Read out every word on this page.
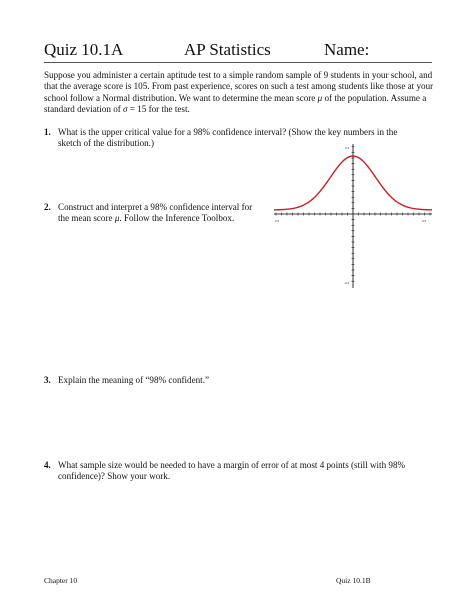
Quiz 10.1A	AP Statistics	Name:

Suppose you administer a certain aptitude test to a simple random sample of 9 students in your school, and that the average score is 105. From past experience, scores on such a test among students like those at your school follow a Normal distribution. We want to determine the mean score μ of the population. Assume a standard deviation of σ = 15 for the test.
1. What is the upper critical value for a 98% confidence interval? (Show the key numbers in the
sketch of the distribution.)
2. Construct and interpret a 98% confidence interval for
the mean score μ. Follow the Inference Toolbox.
3. Explain the meaning of “98% confident.”
4. What sample size would be needed to have a margin of error of at most 4 points (still with 98%
confidence)? Show your work.
-3.5	3.5
0.4
-0.4
Chapter 10	Quiz 10.1B
